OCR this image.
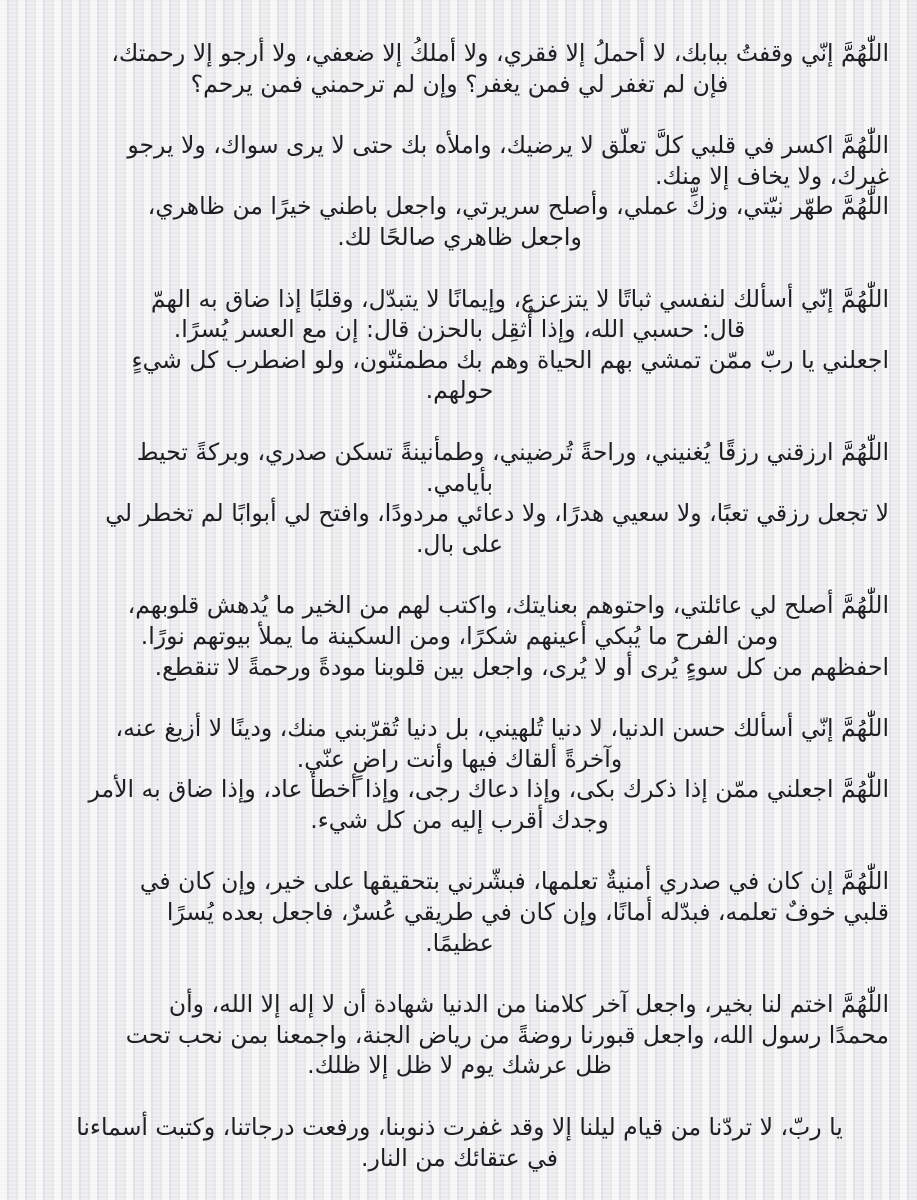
اللّٰهُمَّ إنّي وقفتُ ببابك، لا أحملُ إلا فقري، ولا أملكُ إلا ضعفي، ولا أرجو إلا رحمتك،
فإن لم تغفر لي فمن يغفر؟ وإن لم ترحمني فمن يرحم؟
اللّٰهُمَّ اكسر في قلبي كلَّ تعلّق لا يرضيك، واملأه بك حتى لا يرى سواك، ولا يرجو
غيرك، ولا يخاف إلا منك.
اللّٰهُمَّ طهّر نيّتي، وزكِّ عملي، وأصلح سريرتي، واجعل باطني خيرًا من ظاهري،
واجعل ظاهري صالحًا لك.
اللّٰهُمَّ إنّي أسألك لنفسي ثباتًا لا يتزعزع، وإيمانًا لا يتبدّل، وقلبًا إذا ضاق به الهمّ
قال: حسبي الله، وإذا أُثقِل بالحزن قال: إن مع العسر يُسرًا.
اجعلني يا ربّ ممّن تمشي بهم الحياة وهم بك مطمئنّون، ولو اضطرب كل شيءٍ
حولهم.
اللّٰهُمَّ ارزقني رزقًا يُغنيني، وراحةً تُرضيني، وطمأنينةً تسكن صدري، وبركةً تحيط
بأيامي.
لا تجعل رزقي تعبًا، ولا سعيي هدرًا، ولا دعائي مردودًا، وافتح لي أبوابًا لم تخطر لي
على بال.
اللّٰهُمَّ أصلح لي عائلتي، واحتوهم بعنايتك، واكتب لهم من الخير ما يُدهش قلوبهم،
ومن الفرح ما يُبكي أعينهم شكرًا، ومن السكينة ما يملأ بيوتهم نورًا.
احفظهم من كل سوءٍ يُرى أو لا يُرى، واجعل بين قلوبنا مودةً ورحمةً لا تنقطع.
اللّٰهُمَّ إنّي أسألك حسن الدنيا، لا دنيا تُلهيني، بل دنيا تُقرّبني منك، ودينًا لا أزيغ عنه،
وآخرةً ألقاك فيها وأنت راضٍ عنّي.
اللّٰهُمَّ اجعلني ممّن إذا ذكرك بكى، وإذا دعاك رجى، وإذا أخطأ عاد، وإذا ضاق به الأمر
وجدك أقرب إليه من كل شيء.
اللّٰهُمَّ إن كان في صدري أمنيةٌ تعلمها، فبشّرني بتحقيقها على خير، وإن كان في
قلبي خوفٌ تعلمه، فبدّله أمانًا، وإن كان في طريقي عُسرٌ، فاجعل بعده يُسرًا
عظيمًا.
اللّٰهُمَّ اختم لنا بخير، واجعل آخر كلامنا من الدنيا شهادة أن لا إله إلا الله، وأن
محمدًا رسول الله، واجعل قبورنا روضةً من رياض الجنة، واجمعنا بمن نحب تحت
ظل عرشك يوم لا ظل إلا ظلك.
يا ربّ، لا تردّنا من قيام ليلنا إلا وقد غفرت ذنوبنا، ورفعت درجاتنا، وكتبت أسماءنا
في عتقائك من النار.
